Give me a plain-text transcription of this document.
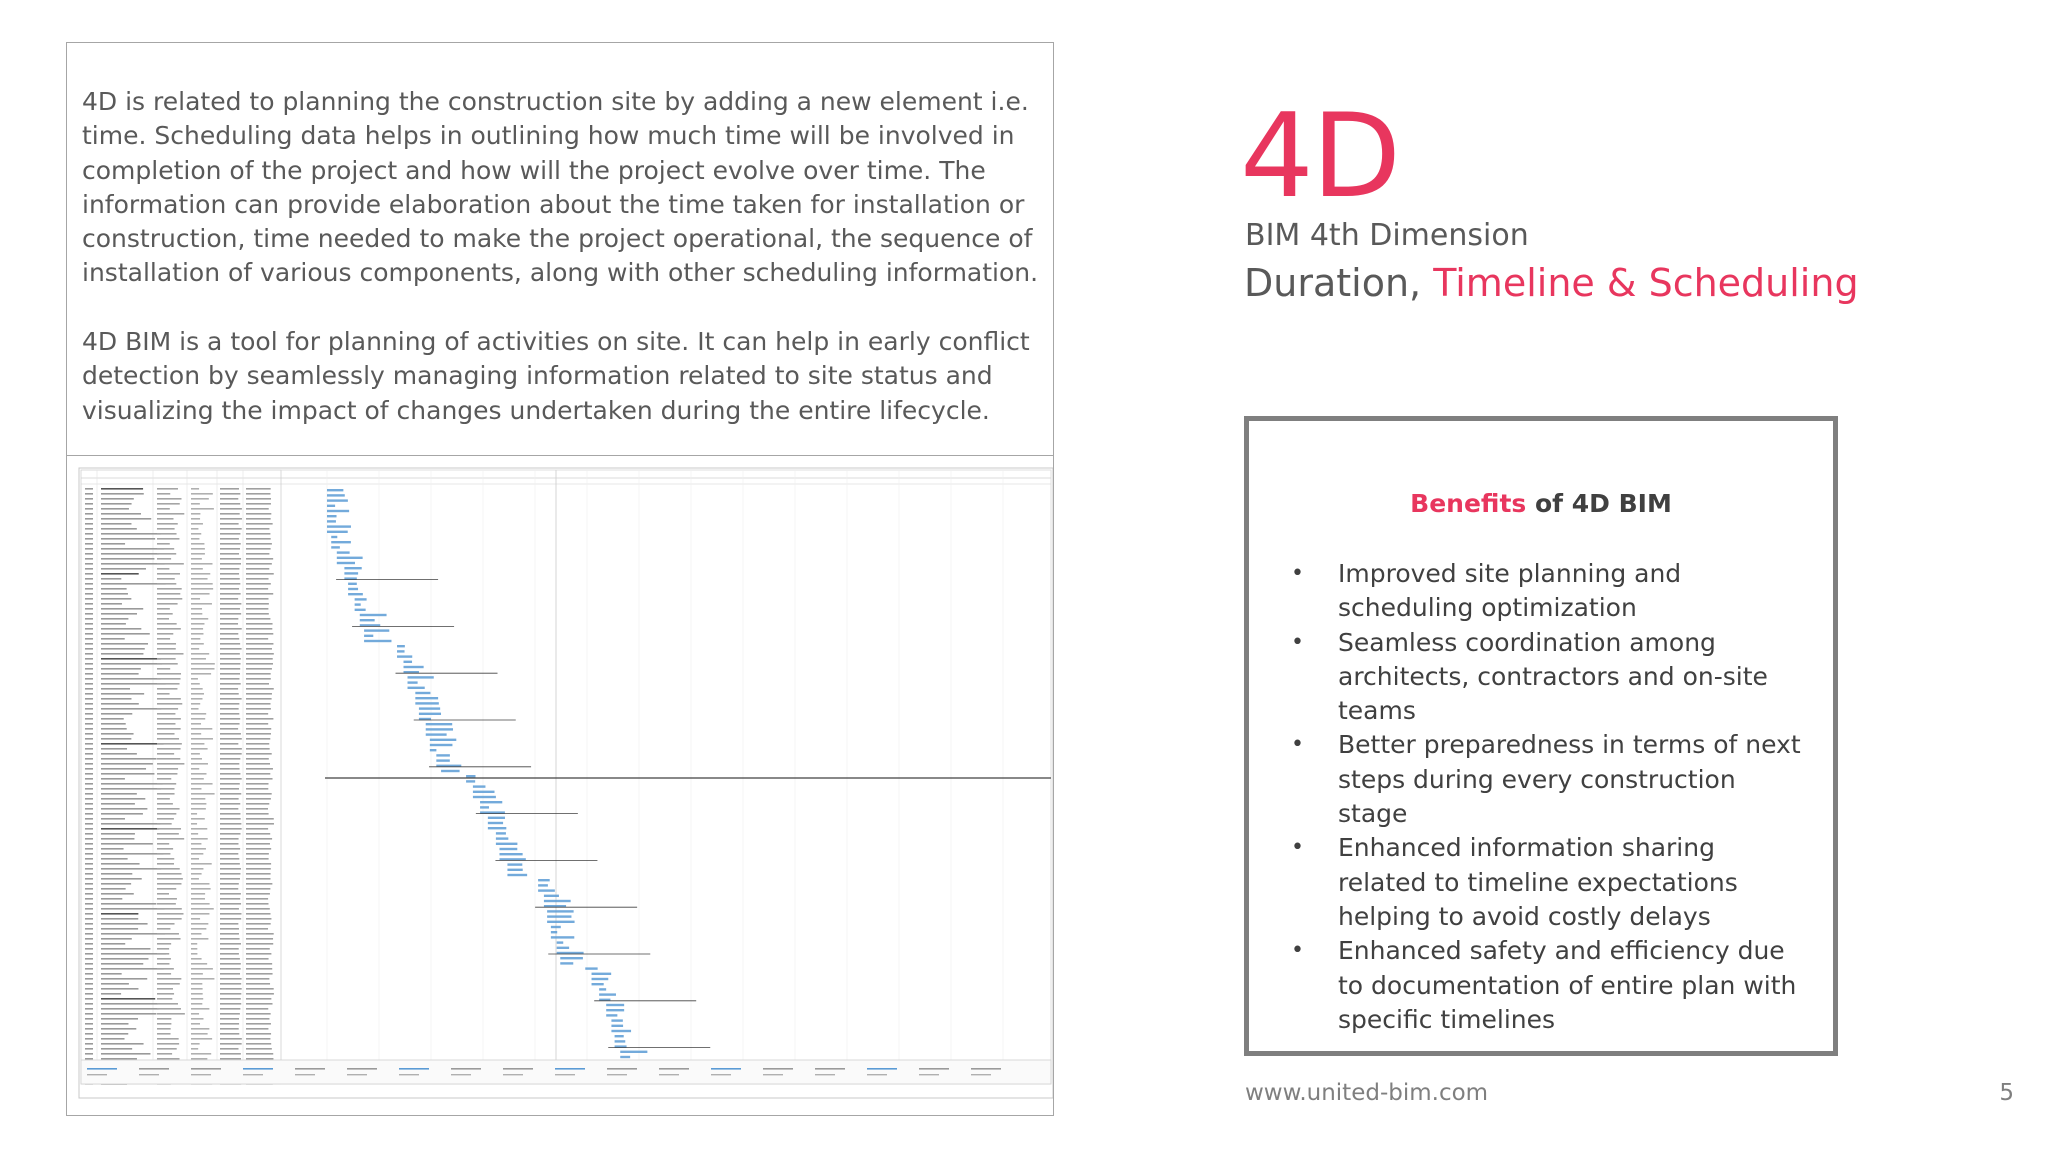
4D is related to planning the construction site by adding a new element i.e. time. Scheduling data helps in outlining how much time will be involved in completion of the project and how will the project evolve over time. The information can provide elaboration about the time taken for installation or construction, time needed to make the project operational, the sequence of installation of various components, along with other scheduling information.

4D BIM is a tool for planning of activities on site. It can help in early conflict detection by seamlessly managing information related to site status and visualizing the impact of changes undertaken during the entire lifecycle.

4D
BIM 4th Dimension
Duration, Timeline & Scheduling
Benefits of 4D BIM
• Improved site planning and scheduling optimization
• Seamless coordination among architects, contractors and on-site teams
• Better preparedness in terms of next steps during every construction stage
• Enhanced information sharing related to timeline expectations helping to avoid costly delays
• Enhanced safety and efficiency due to documentation of entire plan with specific timelines
www.united-bim.com	5
